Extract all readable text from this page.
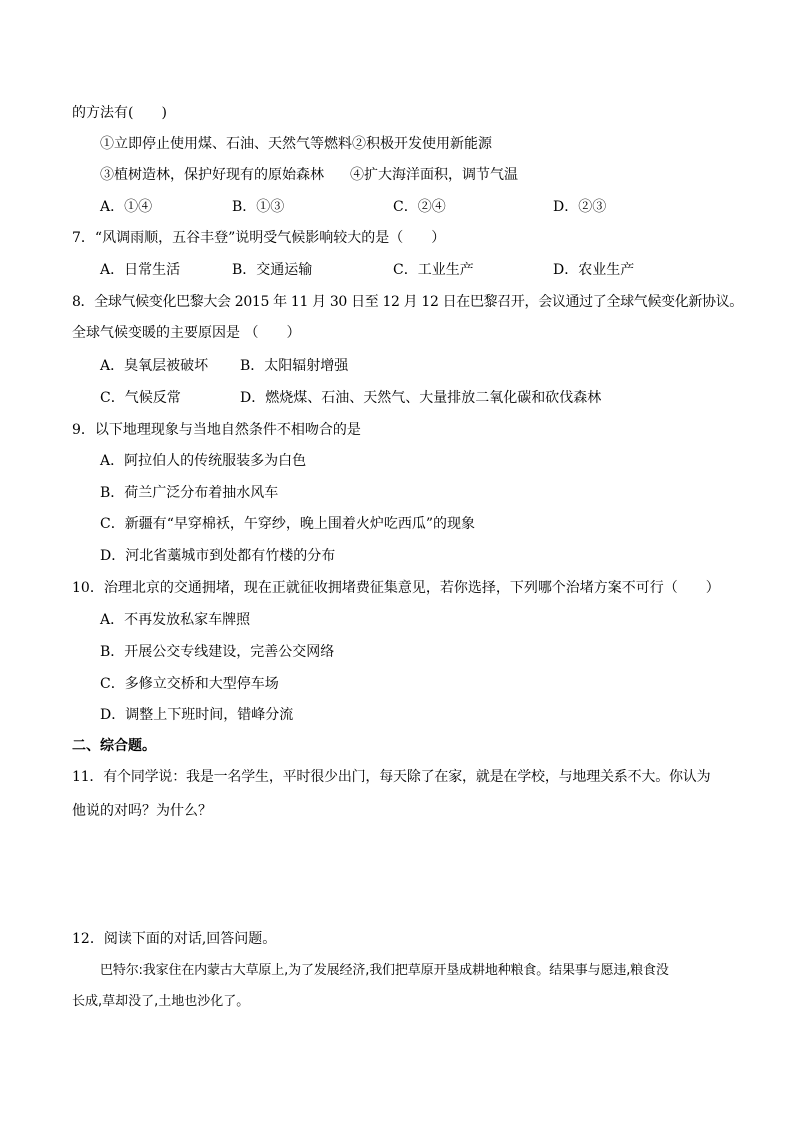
的方法有(　　)
①立即停止使用煤、石油、天然气等燃料②积极开发使用新能源
③植树造林，保护好现有的原始森林 ④扩大海洋面积，调节气温
A．①④	B．①③	C．②④	D．②③
7．“风调雨顺，五谷丰登”说明受气候影响较大的是（　　）
A．日常生活	B．交通运输	C．工业生产	D．农业生产
8．全球气候变化巴黎大会 2015 年 11 月 30 日至 12 月 12 日在巴黎召开，会议通过了全球气候变化新协议。
全球气候变暖的主要原因是 （　　）
A．臭氧层被破坏 B．太阳辐射增强
C．气候反常	D．燃烧煤、石油、天然气、大量排放二氧化碳和砍伐森林
9．以下地理现象与当地自然条件不相吻合的是
A．阿拉伯人的传统服装多为白色
B．荷兰广泛分布着抽水风车
C．新疆有“早穿棉袄，午穿纱，晚上围着火炉吃西瓜”的现象
D．河北省藁城市到处都有竹楼的分布
10．治理北京的交通拥堵，现在正就征收拥堵费征集意见，若你选择，下列哪个治堵方案不可行（　　）
A．不再发放私家车牌照
B．开展公交专线建设，完善公交网络
C．多修立交桥和大型停车场
D．调整上下班时间，错峰分流
二、综合题。
11．有个同学说：我是一名学生，平时很少出门，每天除了在家，就是在学校，与地理关系不大。你认为
他说的对吗？为什么？
12．阅读下面的对话,回答问题。
巴特尔:我家住在内蒙古大草原上,为了发展经济,我们把草原开垦成耕地种粮食。结果事与愿违,粮食没
长成,草却没了,土地也沙化了。
